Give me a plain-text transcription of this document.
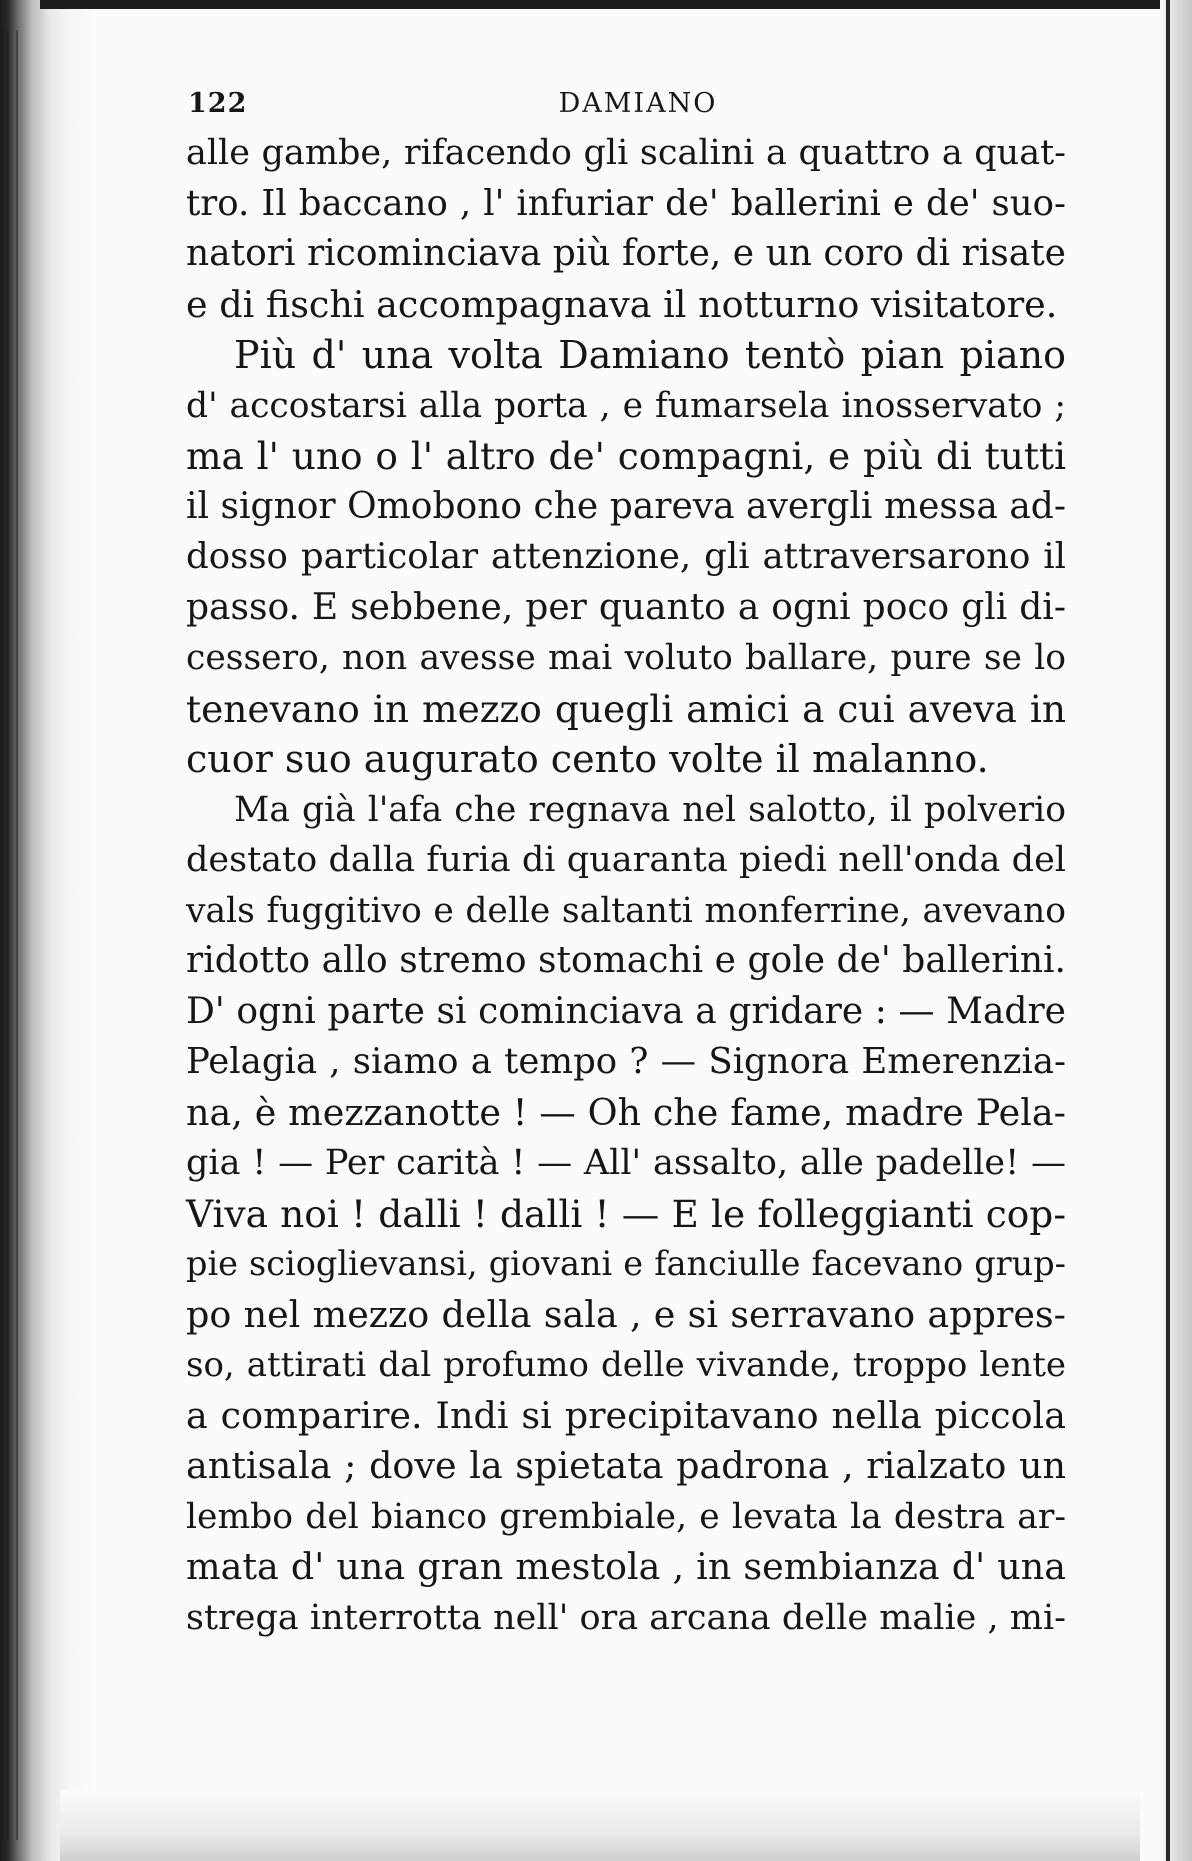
122	DAMIANO
alle gambe, rifacendo gli scalini a quattro a quat-
tro. Il baccano , l' infuriar de' ballerini e de' suo-
natori ricominciava più forte, e un coro di risate
e di fischi accompagnava il notturno visitatore.
Più d' una volta Damiano tentò pian piano
d' accostarsi alla porta , e fumarsela inosservato ;
ma l' uno o l' altro de' compagni, e più di tutti
il signor Omobono che pareva avergli messa ad-
dosso particolar attenzione, gli attraversarono il
passo. E sebbene, per quanto a ogni poco gli di-
cessero, non avesse mai voluto ballare, pure se lo
tenevano in mezzo quegli amici a cui aveva in
cuor suo augurato cento volte il malanno.
Ma già l'afa che regnava nel salotto, il polverio
destato dalla furia di quaranta piedi nell'onda del
vals fuggitivo e delle saltanti monferrine, avevano
ridotto allo stremo stomachi e gole de' ballerini.
D' ogni parte si cominciava a gridare : — Madre
Pelagia , siamo a tempo ? — Signora Emerenzia-
na, è mezzanotte ! — Oh che fame, madre Pela-
gia ! — Per carità ! — All' assalto, alle padelle! —
Viva noi ! dalli ! dalli ! — E le folleggianti cop-
pie scioglievansi, giovani e fanciulle facevano grup-
po nel mezzo della sala , e si serravano appres-
so, attirati dal profumo delle vivande, troppo lente
a comparire. Indi si precipitavano nella piccola
antisala ; dove la spietata padrona , rialzato un
lembo del bianco grembiale, e levata la destra ar-
mata d' una gran mestola , in sembianza d' una
strega interrotta nell' ora arcana delle malie , mi-
